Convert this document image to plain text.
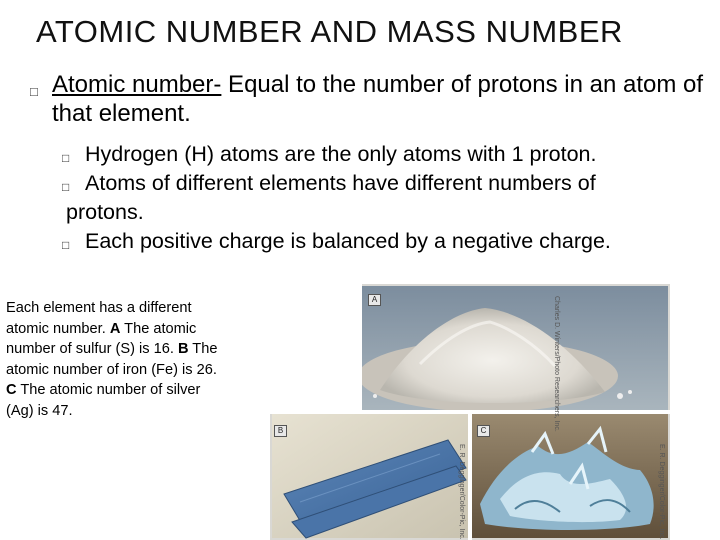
ATOMIC NUMBER AND MASS NUMBER
□ Atomic number- Equal to the number of protons in an atom of that element.
□ Hydrogen (H) atoms are the only atoms with 1 proton.
□ Atoms of different elements have different numbers of
protons.
□ Each positive charge is balanced by a negative charge.
Each element has a different atomic number. A The atomic number of sulfur (S) is 16. B The atomic number of iron (Fe) is 26. C The atomic number of silver (Ag) is 47.
A
B	C	Charles D. Winters/Photo Researchers, Inc.
E. R. Degginger/Color-Pic, Inc.	E. R. Degginger/Color-Pic, Inc.
